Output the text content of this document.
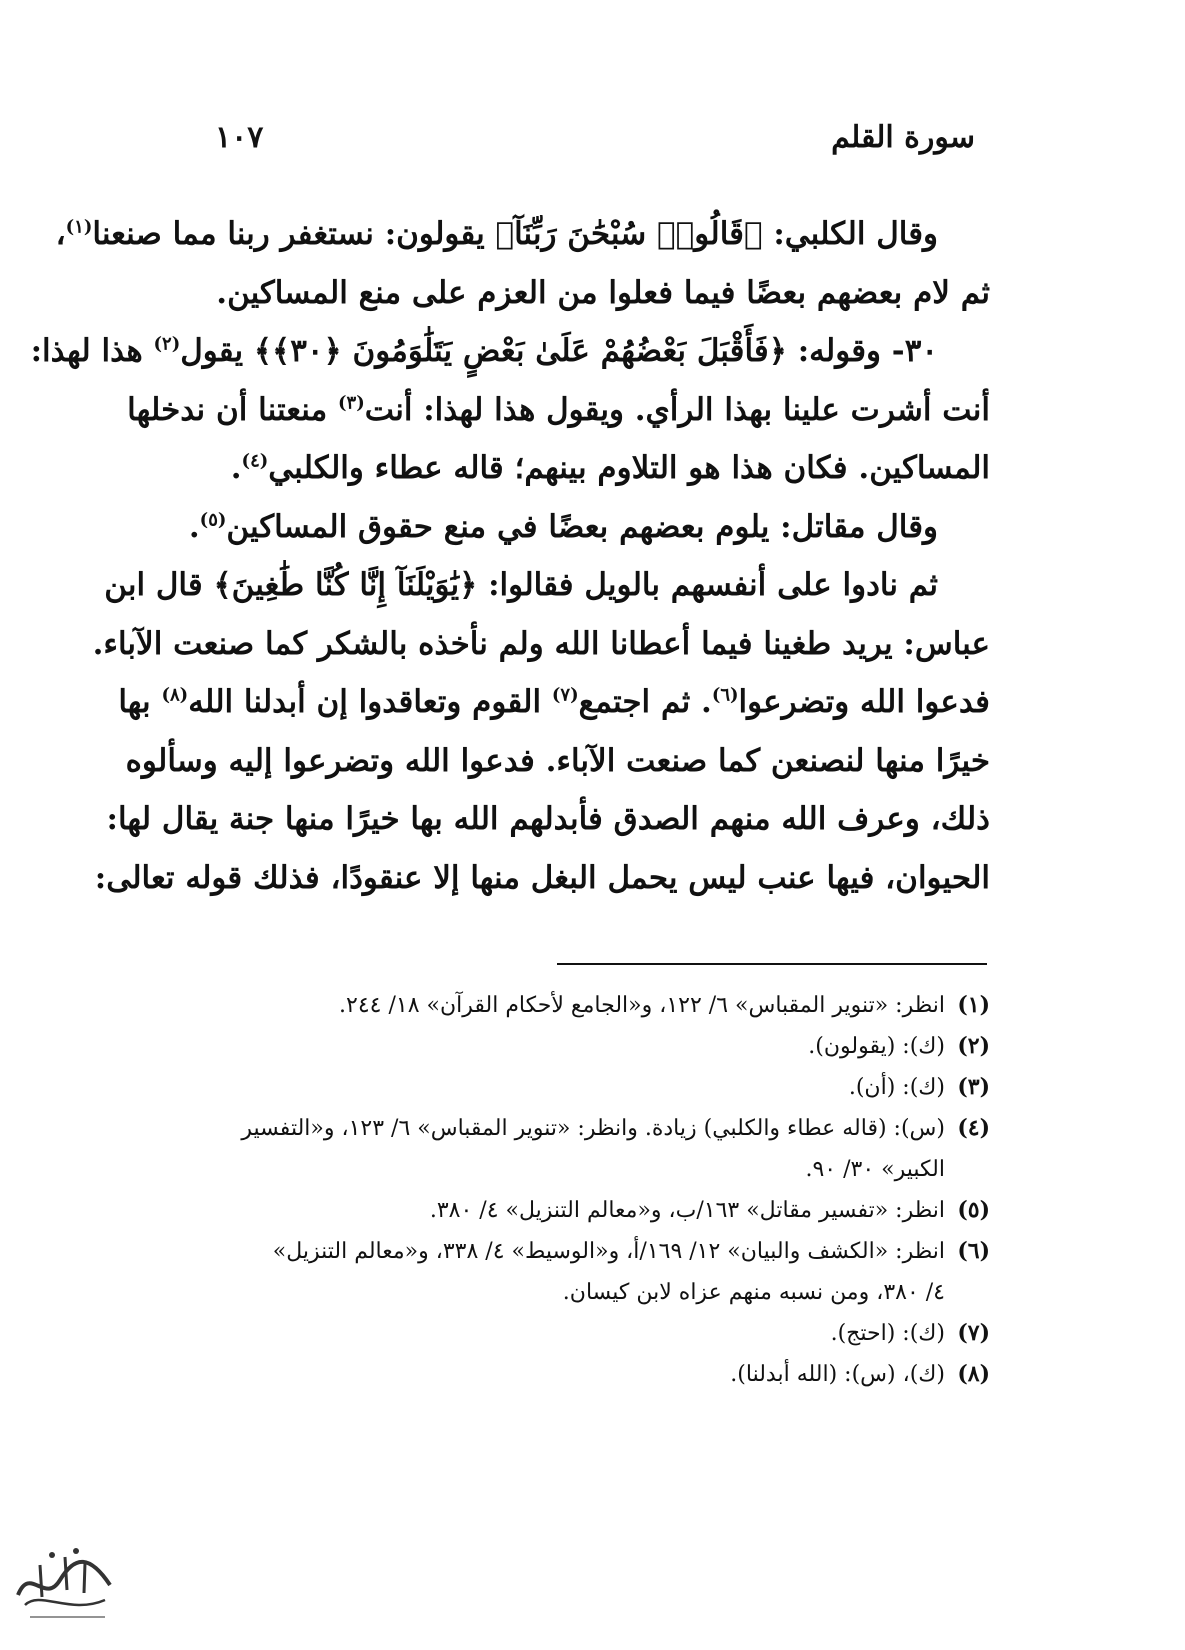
سورة القلم
١٠٧
وقال الكلبي: ﴿قَالُوا۟ سُبْحَٰنَ رَبِّنَآ﴾ يقولون: نستغفر ربنا مما صنعنا$^{(١)}$،
ثم لام بعضهم بعضًا فيما فعلوا من العزم على منع المساكين.
٣٠- وقوله: ﴿فَأَقْبَلَ بَعْضُهُمْ عَلَىٰ بَعْضٍ يَتَلَٰوَمُونَ ﴿٣٠﴾﴾ يقول$^{(٢)}$ هذا لهذا:
أنت أشرت علينا بهذا الرأي. ويقول هذا لهذا: أنت$^{(٣)}$ منعتنا أن ندخلها
المساكين. فكان هذا هو التلاوم بينهم؛ قاله عطاء والكلبي$^{(٤)}$.
وقال مقاتل: يلوم بعضهم بعضًا في منع حقوق المساكين$^{(٥)}$.
ثم نادوا على أنفسهم بالويل فقالوا: ﴿يَٰوَيْلَنَآ إِنَّا كُنَّا طَٰغِينَ﴾ قال ابن
عباس: يريد طغينا فيما أعطانا الله ولم نأخذه بالشكر كما صنعت الآباء.
فدعوا الله وتضرعوا$^{(٦)}$. ثم اجتمع$^{(٧)}$ القوم وتعاقدوا إن أبدلنا الله$^{(٨)}$ بها
خيرًا منها لنصنعن كما صنعت الآباء. فدعوا الله وتضرعوا إليه وسألوه
ذلك، وعرف الله منهم الصدق فأبدلهم الله بها خيرًا منها جنة يقال لها:
الحيوان، فيها عنب ليس يحمل البغل منها إلا عنقودًا، فذلك قوله تعالى:
(١)
انظر: «تنوير المقباس» ٦/ ١٢٢، و«الجامع لأحكام القرآن» ١٨/ ٢٤٤.
(٢)
(ك): (يقولون).
(٣)
(ك): (أن).
(٤)
(س): (قاله عطاء والكلبي) زيادة. وانظر: «تنوير المقباس» ٦/ ١٢٣، و«التفسير
الكبير» ٣٠/ ٩٠.
(٥)
انظر: «تفسير مقاتل» ١٦٣/ب، و«معالم التنزيل» ٤/ ٣٨٠.
(٦)
انظر: «الكشف والبيان» ١٢/ ١٦٩/أ، و«الوسيط» ٤/ ٣٣٨، و«معالم التنزيل»
٤/ ٣٨٠، ومن نسبه منهم عزاه لابن كيسان.
(٧)
(ك): (احتج).
(٨)
(ك)، (س): (الله أبدلنا).
